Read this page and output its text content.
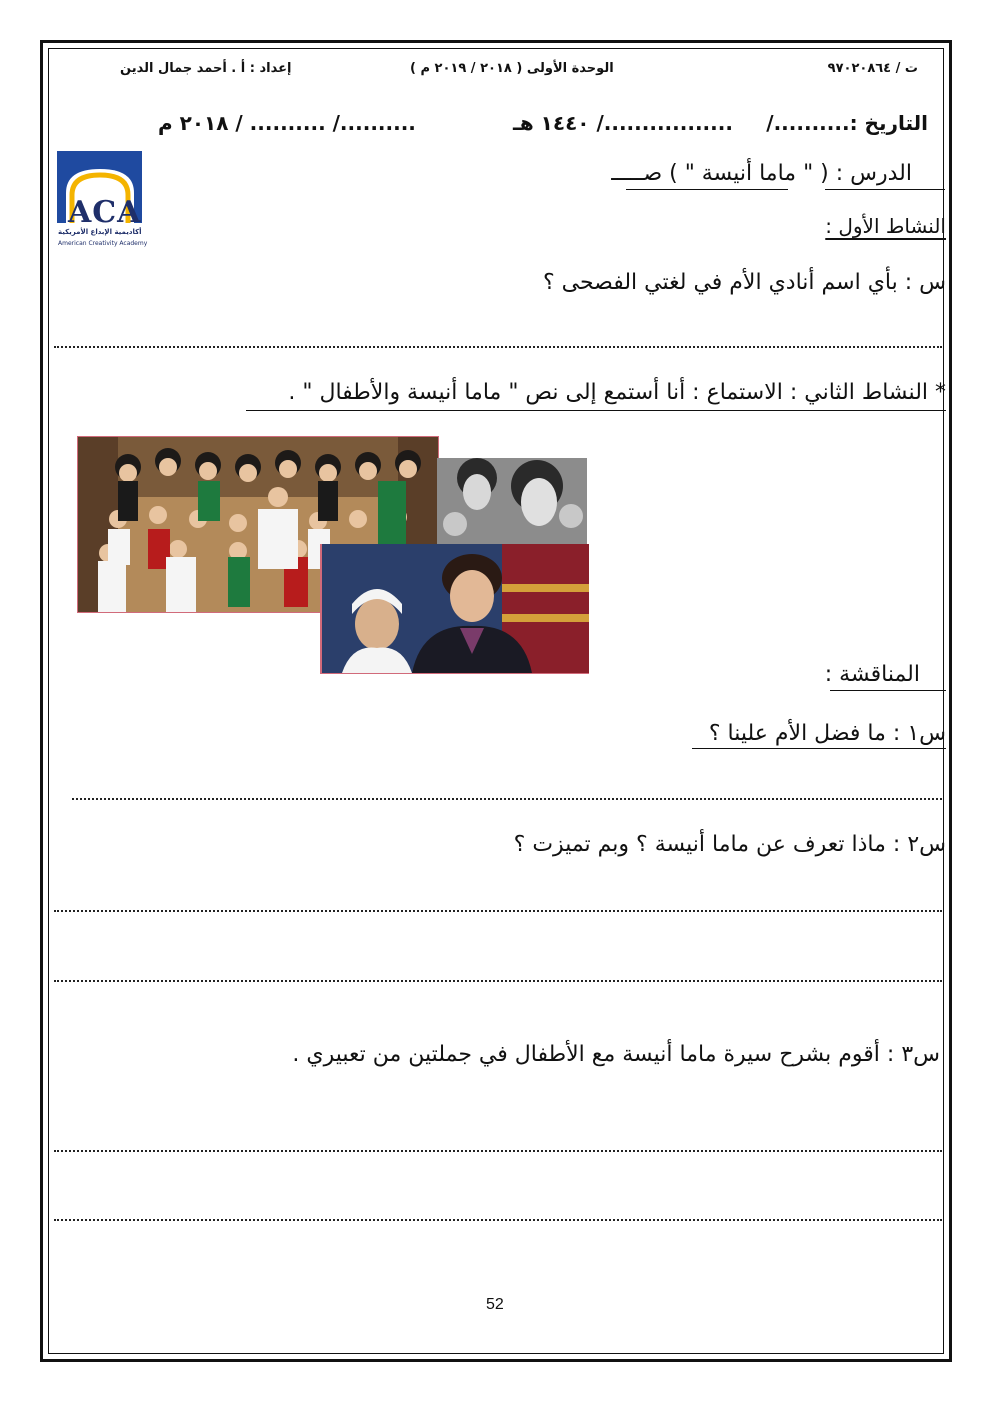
ت / ٩٧٠٢٠٨٦٤
الوحدة الأولى ( ٢٠١٨ / ٢٠١٩ م )
إعداد : أ . أحمد جمال الدين
التاريخ :........../
................./ ١٤٤٠ هـ
........../ .......... / ٢٠١٨ م
الدرس : ( " ماما أنيسة " ) صـــــ
ACA
أكاديمية الإبداع الأمريكية
American Creativity Academy
النشاط الأول :
س : بأي اسم أنادي الأم في لغتي الفصحى ؟
* النشاط الثاني : الاستماع : أنا أستمع إلى نص " ماما أنيسة والأطفال " .
المناقشة :
س١ : ما فضل الأم علينا ؟
س٢ : ماذا تعرف عن ماما أنيسة ؟ وبم تميزت ؟
س٣ : أقوم بشرح سيرة ماما أنيسة مع الأطفال في جملتين من تعبيري .
52
